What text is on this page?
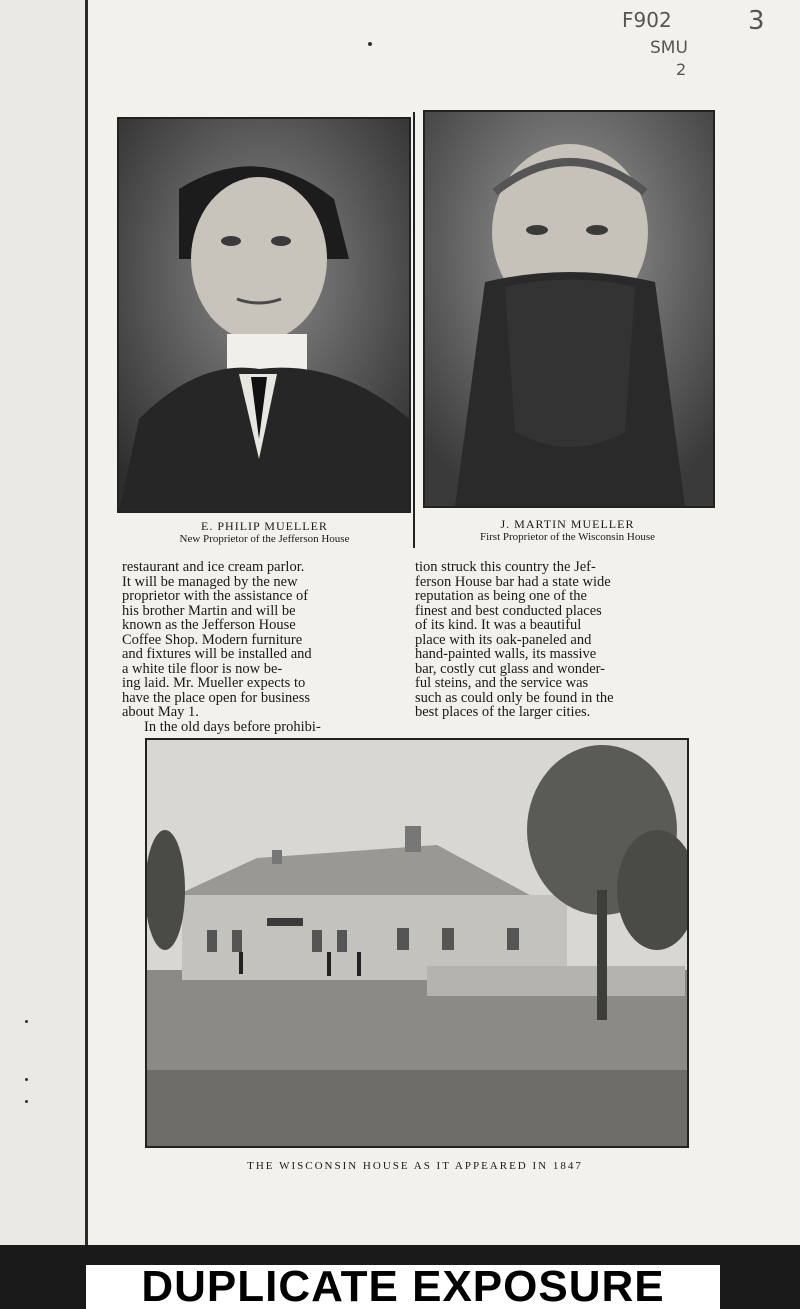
F902
SMU
2
3
E. PHILIP MUELLER
New Proprietor of the Jefferson House
J. MARTIN MUELLER
First Proprietor of the Wisconsin House

restaurant and ice cream parlor.

It will be managed by the new

proprietor with the assistance of

his brother Martin and will be

known as the Jefferson House

Coffee Shop. Modern furniture

and fixtures will be installed and

a white tile floor is now be-

ing laid. Mr. Mueller expects to

have the place open for business

about May 1.

In the old days before prohibi-

tion struck this country the Jef-

ferson House bar had a state wide

reputation as being one of the

finest and best conducted places

of its kind. It was a beautiful

place with its oak-paneled and

hand-painted walls, its massive

bar, costly cut glass and wonder-

ful steins, and the service was

such as could only be found in the

best places of the larger cities.

THE WISCONSIN HOUSE AS IT APPEARED IN 1847
DUPLICATE EXPOSURE
